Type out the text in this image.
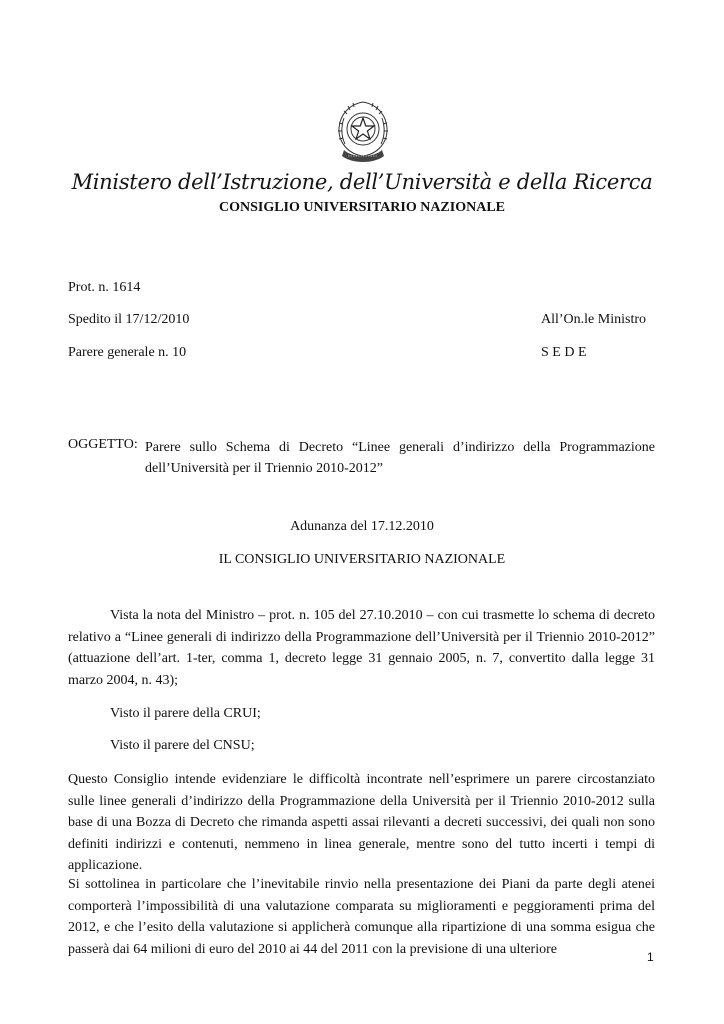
Ministero dell’Istruzione, dell’Università e della Ricerca
CONSIGLIO UNIVERSITARIO NAZIONALE
Prot. n. 1614
Spedito il 17/12/2010
Parere generale n. 10
All’On.le Ministro
S E D E
OGGETTO: Parere sullo Schema di Decreto “Linee generali d’indirizzo della Programmazione dell’Università per il Triennio 2010-2012”
Adunanza del 17.12.2010
IL CONSIGLIO UNIVERSITARIO NAZIONALE

Vista la nota del Ministro – prot. n. 105 del 27.10.2010 – con cui trasmette lo schema di decreto relativo a “Linee generali di indirizzo della Programmazione dell’Università per il Triennio 2010-2012” (attuazione dell’art. 1-ter, comma 1, decreto legge 31 gennaio 2005, n. 7, convertito dalla legge 31 marzo 2004, n. 43);

Visto il parere della CRUI;
Visto il parere del CNSU;

Questo Consiglio intende evidenziare le difficoltà incontrate nell’esprimere un parere circostanziato sulle linee generali d’indirizzo della Programmazione della Università per il Triennio 2010-2012 sulla base di una Bozza di Decreto che rimanda aspetti assai rilevanti a decreti successivi, dei quali non sono definiti indirizzi e contenuti, nemmeno in linea generale, mentre sono del tutto incerti i tempi di applicazione.

Si sottolinea in particolare che l’inevitabile rinvio nella presentazione dei Piani da parte degli atenei comporterà l’impossibilità di una valutazione comparata su miglioramenti e peggioramenti prima del 2012, e che l’esito della valutazione si applicherà comunque alla ripartizione di una somma esigua che passerà dai 64 milioni di euro del 2010 ai 44 del 2011 con la previsione di una ulteriore

1
